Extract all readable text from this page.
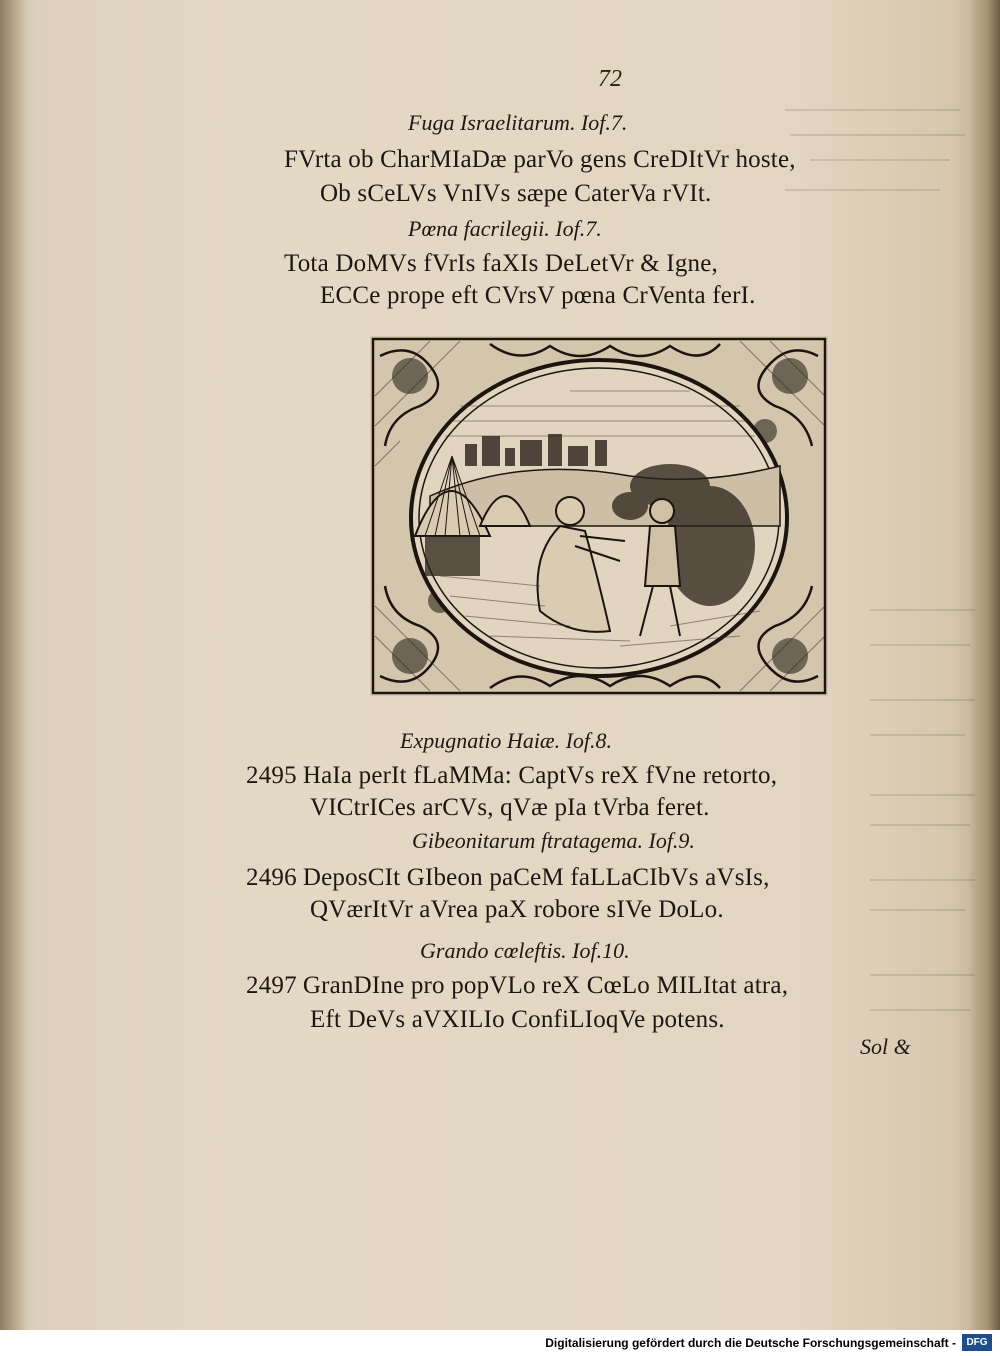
72
Fuga Israelitarum. Iof.7.
FVrta ob CharMIaDæ parVo gens CreDItVr hoste,
Ob sCeLVs VnIVs sæpe CaterVa rVIt.
Pœna facrilegii. Iof.7.
Tota DoMVs fVrIs faXIs DeLetVr & Igne,
ECCe prope eft CVrsV pœna CrVenta ferI.
Expugnatio Haiæ. Iof.8.
2495 HaIa perIt fLaMMa: CaptVs reX fVne retorto,
VICtrICes arCVs, qVæ pIa tVrba feret.
Gibeonitarum ftratagema. Iof.9.
2496 DeposCIt GIbeon paCeM faLLaCIbVs aVsIs,
QVærItVr aVrea paX robore sIVe DoLo.
Grando cœleftis. Iof.10.
2497 GranDIne pro popVLo reX CœLo MILItat atra,
Eft DeVs aVXILIo ConfiLIoqVe potens.
Sol &
Digitalisierung gefördert durch die Deutsche Forschungsgemeinschaft -	DFG
